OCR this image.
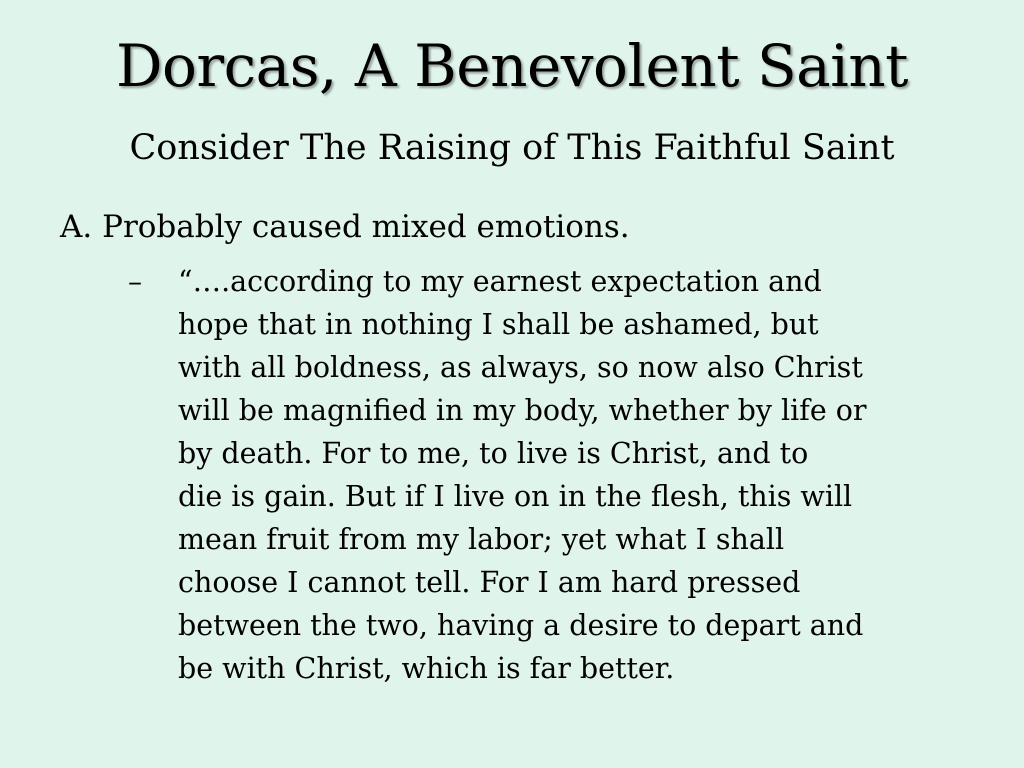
Dorcas, A Benevolent Saint
Consider The Raising of This Faithful Saint
A. Probably caused mixed emotions.
– “….according to my earnest expectation and
hope that in nothing I shall be ashamed, but
with all boldness, as always, so now also Christ
will be magnified in my body, whether by life or
by death. For to me, to live is Christ, and to
die is gain. But if I live on in the flesh, this will
mean fruit from my labor; yet what I shall
choose I cannot tell. For I am hard pressed
between the two, having a desire to depart and
be with Christ, which is far better.
